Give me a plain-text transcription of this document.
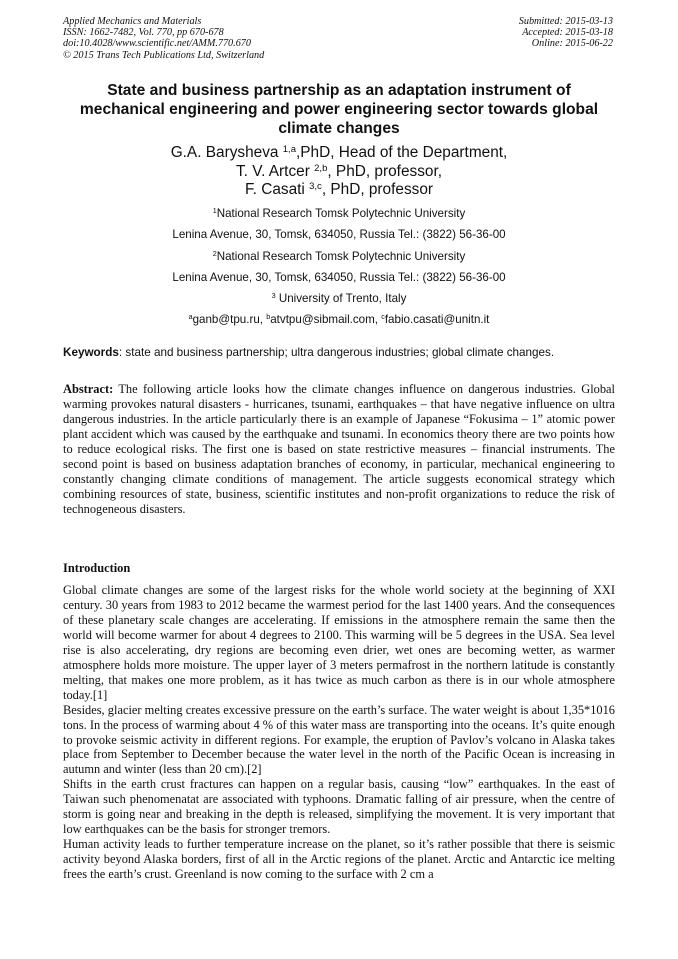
Applied Mechanics and Materials
ISSN: 1662-7482, Vol. 770, pp 670-678
doi:10.4028/www.scientific.net/AMM.770.670
© 2015 Trans Tech Publications Ltd, Switzerland
Submitted: 2015-03-13
Accepted: 2015-03-18
Online: 2015-06-22
State and business partnership as an adaptation instrument of mechanical engineering and power engineering sector towards global climate changes
G.A. Barysheva $^{1,a}$,PhD, Head of the Department,
T. V. Artcer $^{2,b}$, PhD, professor,
F. Casati $^{3,c}$, PhD, professor
$^1$National Research Tomsk Polytechnic University
Lenina Avenue, 30, Tomsk, 634050, Russia Tel.: (3822) 56-36-00
$^2$National Research Tomsk Polytechnic University
Lenina Avenue, 30, Tomsk, 634050, Russia Tel.: (3822) 56-36-00
$^3$ University of Trento, Italy
$^a$ganb@tpu.ru, $^b$atvtpu@sibmail.com, $^c$fabio.casati@unitn.it
Keywords: state and business partnership; ultra dangerous industries; global climate changes.
Abstract: The following article looks how the climate changes influence on dangerous industries. Global warming provokes natural disasters - hurricanes, tsunami, earthquakes – that have negative influence on ultra dangerous industries. In the article particularly there is an example of Japanese “Fokusima – 1” atomic power plant accident which was caused by the earthquake and tsunami. In economics theory there are two points how to reduce ecological risks. The first one is based on state restrictive measures – financial instruments. The second point is based on business adaptation branches of economy, in particular, mechanical engineering to constantly changing climate conditions of management. The article suggests economical strategy which combining resources of state, business, scientific institutes and non-profit organizations to reduce the risk of technogeneous disasters.
Introduction

Global climate changes are some of the largest risks for the whole world society at the beginning of XXI century. 30 years from 1983 to 2012 became the warmest period for the last 1400 years. And the consequences of these planetary scale changes are accelerating. If emissions in the atmosphere remain the same then the world will become warmer for about 4 degrees to 2100. This warming will be 5 degrees in the USA. Sea level rise is also accelerating, dry regions are becoming even drier, wet ones are becoming wetter, as warmer atmosphere holds more moisture. The upper layer of 3 meters permafrost in the northern latitude is constantly melting, that makes one more problem, as it has twice as much carbon as there is in our whole atmosphere today.[1]

Besides, glacier melting creates excessive pressure on the earth’s surface. The water weight is about 1,35*1016 tons. In the process of warming about 4 % of this water mass are transporting into the oceans. It’s quite enough to provoke seismic activity in different regions. For example, the eruption of Pavlov’s volcano in Alaska takes place from September to December because the water level in the north of the Pacific Ocean is increasing in autumn and winter (less than 20 cm).[2]

Shifts in the earth crust fractures can happen on a regular basis, causing “low” earthquakes. In the east of Taiwan such phenomenatat are associated with typhoons. Dramatic falling of air pressure, when the centre of storm is going near and breaking in the depth is released, simplifying the movement. It is very important that low earthquakes can be the basis for stronger tremors.

Human activity leads to further temperature increase on the planet, so it’s rather possible that there is seismic activity beyond Alaska borders, first of all in the Arctic regions of the planet. Arctic and Antarctic ice melting frees the earth’s crust. Greenland is now coming to the surface with 2 cm a
